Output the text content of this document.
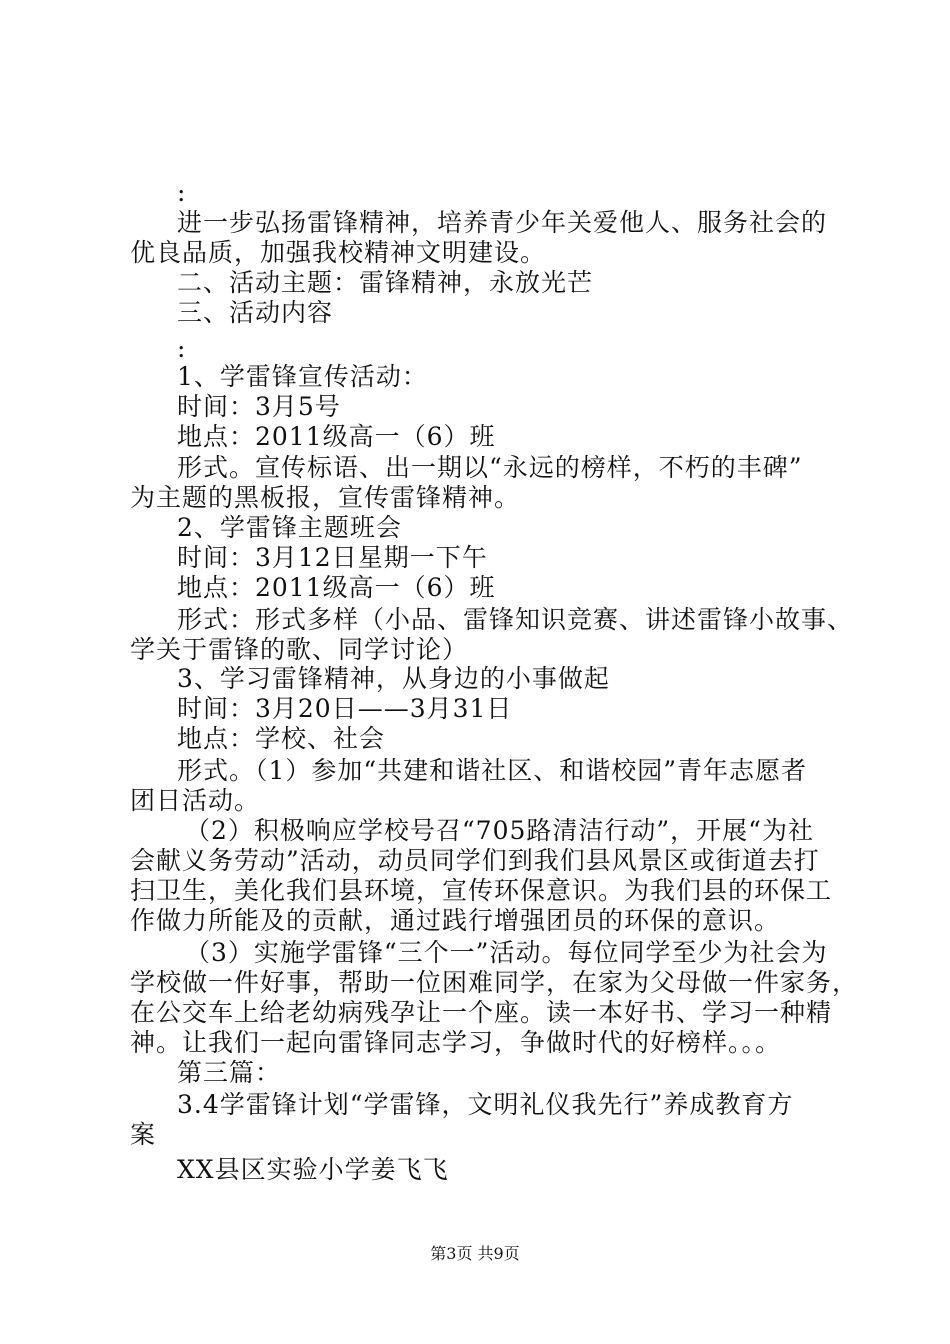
:
进一步弘扬雷锋精神，培养青少年关爱他人、服务社会的
优良品质，加强我校精神文明建设。
二、活动主题：雷锋精神，永放光芒
三、活动内容
:
1、学雷锋宣传活动：
时间：3月5号
地点：2011级高一（6）班
形式。宣传标语、出一期以“永远的榜样，不朽的丰碑”
为主题的黑板报，宣传雷锋精神。
2、学雷锋主题班会
时间：3月12日星期一下午
地点：2011级高一（6）班
形式：形式多样（小品、雷锋知识竞赛、讲述雷锋小故事、
学关于雷锋的歌、同学讨论）
3、学习雷锋精神，从身边的小事做起
时间：3月20日——3月31日
地点：学校、社会
形式。（1）参加“共建和谐社区、和谐校园”青年志愿者
团日活动。
（2）积极响应学校号召“705路清洁行动”，开展“为社
会献义务劳动”活动，动员同学们到我们县风景区或街道去打
扫卫生，美化我们县环境，宣传环保意识。为我们县的环保工
作做力所能及的贡献，通过践行增强团员的环保的意识。
（3）实施学雷锋“三个一”活动。每位同学至少为社会为
学校做一件好事，帮助一位困难同学，在家为父母做一件家务，
在公交车上给老幼病残孕让一个座。读一本好书、学习一种精
神。让我们一起向雷锋同志学习，争做时代的好榜样。。。
第三篇：
3.4学雷锋计划“学雷锋，文明礼仪我先行”养成教育方
案
XX县区实验小学姜飞飞
第3页 共9页
